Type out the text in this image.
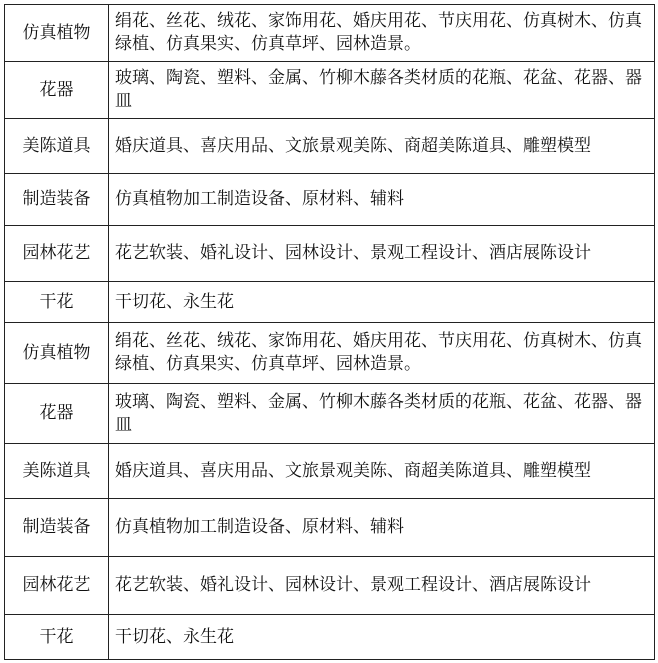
仿真植物	绢花、丝花、绒花、家饰用花、婚庆用花、节庆用花、仿真树木、仿真绿植、仿真果实、仿真草坪、园林造景。
花器	玻璃、陶瓷、塑料、金属、竹柳木藤各类材质的花瓶、花盆、花器、器皿
美陈道具	婚庆道具、喜庆用品、文旅景观美陈、商超美陈道具、雕塑模型
制造装备	仿真植物加工制造设备、原材料、辅料
园林花艺	花艺软装、婚礼设计、园林设计、景观工程设计、酒店展陈设计
干花	干切花、永生花
仿真植物	绢花、丝花、绒花、家饰用花、婚庆用花、节庆用花、仿真树木、仿真绿植、仿真果实、仿真草坪、园林造景。
花器	玻璃、陶瓷、塑料、金属、竹柳木藤各类材质的花瓶、花盆、花器、器皿
美陈道具	婚庆道具、喜庆用品、文旅景观美陈、商超美陈道具、雕塑模型
制造装备	仿真植物加工制造设备、原材料、辅料
园林花艺	花艺软装、婚礼设计、园林设计、景观工程设计、酒店展陈设计
干花	干切花、永生花
